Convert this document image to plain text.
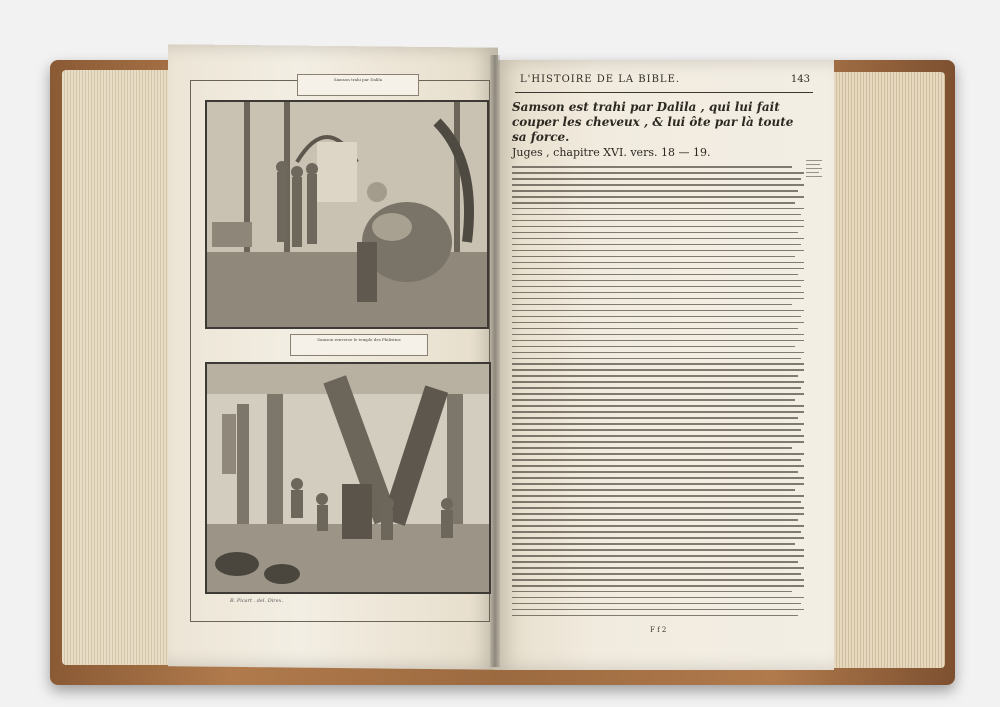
Samson trahi par Dalila
Samson renverse le temple des Philistins
B. Picart . del. Direx.
L'HISTOIRE DE LA BIBLE.	143
Samson est trahi par Dalila , qui lui fait couper les cheveux , & lui ôte par là toute sa force.
Juges , chapitre XVI. vers. 18 — 19.
F f 2
